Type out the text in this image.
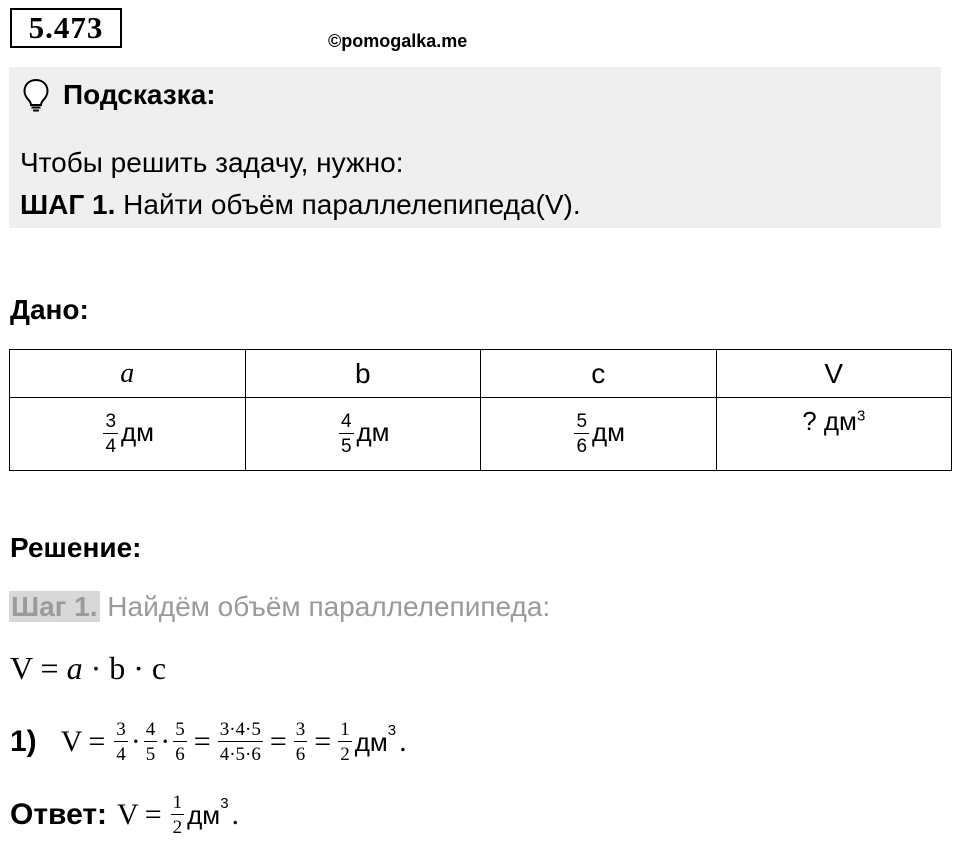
5.473	©pomogalka.me
Подсказка:
Чтобы решить задачу, нужно:
ШАГ 1. Найти объём параллелепипеда(V).
Дано:
a	b	c	V

$\frac{3}{4}$ дм	$\frac{4}{5}$ дм	$\frac{5}{6}$ дм	? $дм^3$
Решение:
Шаг 1. Найдём объём параллелепипеда:
V = a · b · c
1) $V = \frac{3}{4} \cdot \frac{4}{5} \cdot \frac{5}{6} = \frac{3\cdot 4\cdot 5}{4\cdot 5\cdot 6} = \frac{3}{6} = \frac{1}{2} дм^3$ .
Ответ: $V = \frac{1}{2} дм^3$ .
